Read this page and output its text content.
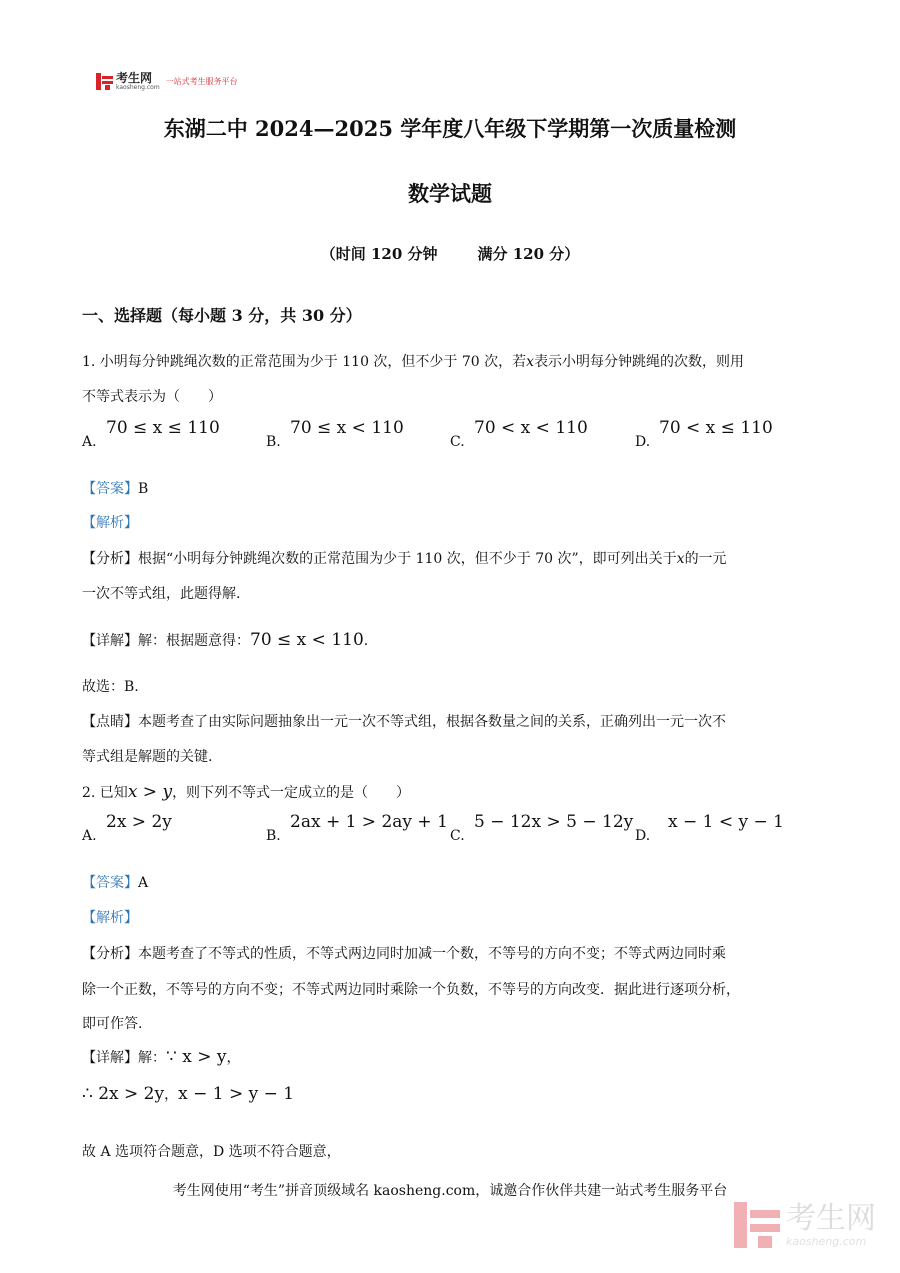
考生网
kaosheng.com
一站式考生服务平台
东湖二中 2024—2025 学年度八年级下学期第一次质量检测
数学试题
（时间 120 分钟	满分 120 分）
一、选择题（每小题 3 分，共 30 分）
1. 小明每分钟跳绳次数的正常范围为少于 110 次，但不少于 70 次，若x表示小明每分钟跳绳的次数，则用
不等式表示为（　　）
A.
70 ≤ x ≤ 110
B.
70 ≤ x < 110
C.
70 < x < 110
D.
70 < x ≤ 110
【答案】B
【解析】
【分析】根据“小明每分钟跳绳次数的正常范围为少于 110 次，但不少于 70 次”，即可列出关于x的一元
一次不等式组，此题得解.
【详解】解：根据题意得：70 ≤ x < 110.
故选：B.
【点睛】本题考查了由实际问题抽象出一元一次不等式组，根据各数量之间的关系，正确列出一元一次不
等式组是解题的关键.
2. 已知x > y，则下列不等式一定成立的是（　　）
A.
2x > 2y
B.
2ax + 1 > 2ay + 1
C.
5 − 12x > 5 − 12y
D.
x − 1 < y − 1
【答案】A
【解析】
【分析】本题考查了不等式的性质，不等式两边同时加减一个数，不等号的方向不变；不等式两边同时乘
除一个正数，不等号的方向不变；不等式两边同时乘除一个负数，不等号的方向改变．据此进行逐项分析，
即可作答.
【详解】解：∵ x > y，
∴ 2x > 2y，x − 1 > y − 1
故 A 选项符合题意，D 选项不符合题意，
考生网使用“考生”拼音顶级域名 kaosheng.com，诚邀合作伙伴共建一站式考生服务平台
考生网
kaosheng.com
